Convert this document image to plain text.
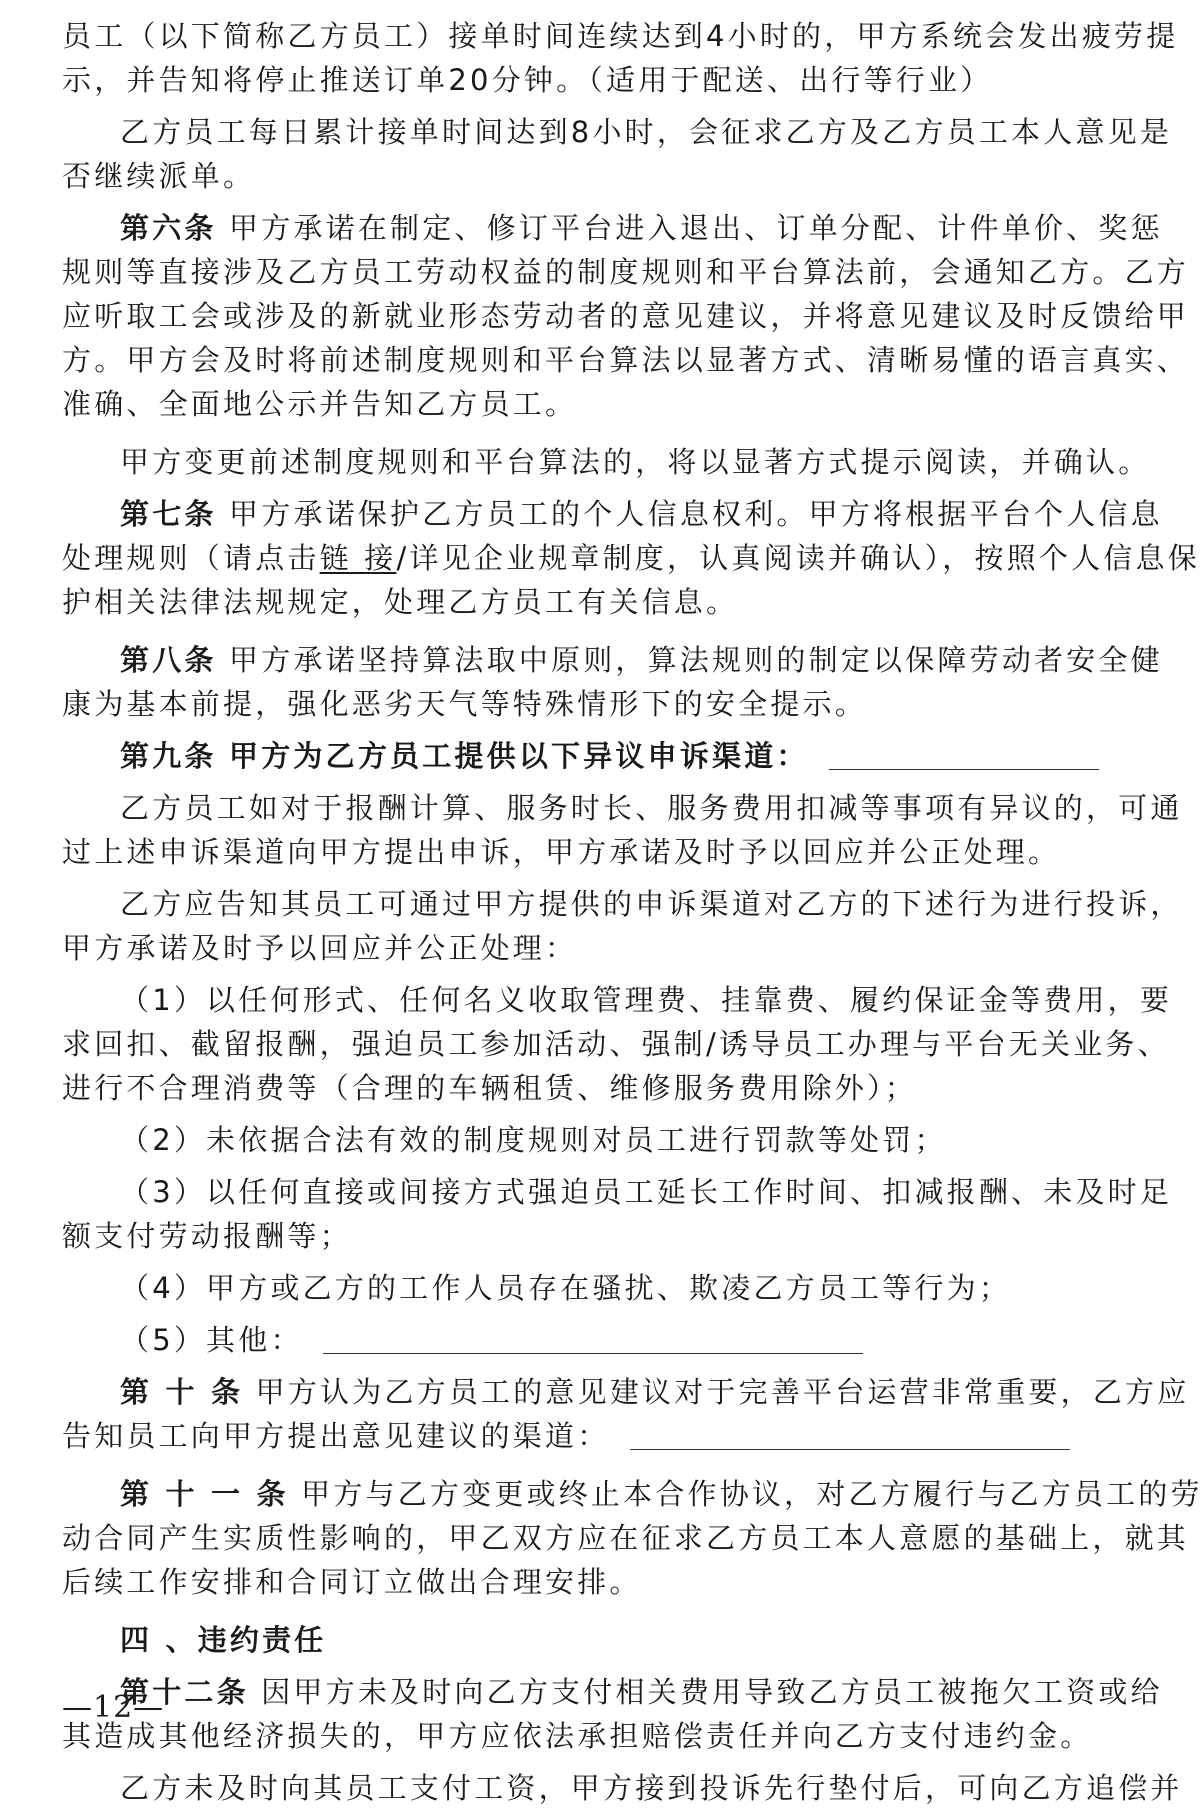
员工（以下简称乙方员工）接单时间连续达到4小时的，甲方系统会发出疲劳提
示，并告知将停止推送订单20分钟。（适用于配送、出行等行业）
乙方员工每日累计接单时间达到8小时，会征求乙方及乙方员工本人意见是
否继续派单。
第六条 甲方承诺在制定、修订平台进入退出、订单分配、计件单价、奖惩
规则等直接涉及乙方员工劳动权益的制度规则和平台算法前，会通知乙方。乙方
应听取工会或涉及的新就业形态劳动者的意见建议，并将意见建议及时反馈给甲
方。甲方会及时将前述制度规则和平台算法以显著方式、清晰易懂的语言真实、
准确、全面地公示并告知乙方员工。
甲方变更前述制度规则和平台算法的，将以显著方式提示阅读，并确认。
第七条 甲方承诺保护乙方员工的个人信息权利。甲方将根据平台个人信息
处理规则（请点击链 接/详见企业规章制度，认真阅读并确认），按照个人信息保
护相关法律法规规定，处理乙方员工有关信息。
第八条 甲方承诺坚持算法取中原则，算法规则的制定以保障劳动者安全健
康为基本前提，强化恶劣天气等特殊情形下的安全提示。
第九条 甲方为乙方员工提供以下异议申诉渠道：
乙方员工如对于报酬计算、服务时长、服务费用扣减等事项有异议的，可通
过上述申诉渠道向甲方提出申诉，甲方承诺及时予以回应并公正处理。
乙方应告知其员工可通过甲方提供的申诉渠道对乙方的下述行为进行投诉，
甲方承诺及时予以回应并公正处理：
（1）以任何形式、任何名义收取管理费、挂靠费、履约保证金等费用，要
求回扣、截留报酬，强迫员工参加活动、强制/诱导员工办理与平台无关业务、
进行不合理消费等（合理的车辆租赁、维修服务费用除外）；
（2）未依据合法有效的制度规则对员工进行罚款等处罚；
（3）以任何直接或间接方式强迫员工延长工作时间、扣减报酬、未及时足
额支付劳动报酬等；
（4）甲方或乙方的工作人员存在骚扰、欺凌乙方员工等行为；
（5）其他：
第 十 条 甲方认为乙方员工的意见建议对于完善平台运营非常重要，乙方应
告知员工向甲方提出意见建议的渠道：
第 十 一 条 甲方与乙方变更或终止本合作协议，对乙方履行与乙方员工的劳
动合同产生实质性影响的，甲乙双方应在征求乙方员工本人意愿的基础上，就其
后续工作安排和合同订立做出合理安排。
四 、违约责任
第十二条 因甲方未及时向乙方支付相关费用导致乙方员工被拖欠工资或给
其造成其他经济损失的，甲方应依法承担赔偿责任并向乙方支付违约金。
乙方未及时向其员工支付工资，甲方接到投诉先行垫付后，可向乙方追偿并
—12—
